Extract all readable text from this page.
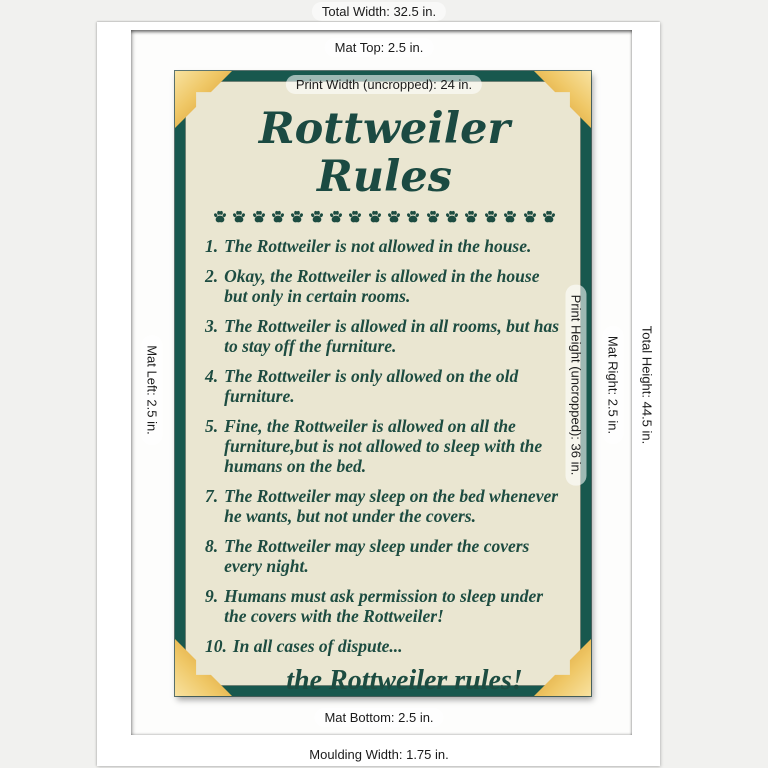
Total Width: 32.5 in.
Mat Top: 2.5 in.
Print Width (uncropped): 24 in.
Mat Left: 2.5 in.	Print Height (uncropped): 36 in. Mat Right: 2.5 in. Total Height: 44.5 in.
Mat Bottom: 2.5 in.
Moulding Width: 1.75 in.
Rottweiler Rules
1. The Rottweiler is not allowed in the house.
2. Okay, the Rottweiler is allowed in the house but only in certain rooms.
3. The Rottweiler is allowed in all rooms, but has to stay off the furniture.
4. The Rottweiler is only allowed on the old furniture.
5. Fine, the Rottweiler is allowed on all the furniture,but is not allowed to sleep with the humans on the bed.
7. The Rottweiler may sleep on the bed whenever he wants, but not under the covers.
8. The Rottweiler may sleep under the covers every night.
9. Humans must ask permission to sleep under the covers with the Rottweiler!
10. In all cases of dispute...
the Rottweiler rules!
